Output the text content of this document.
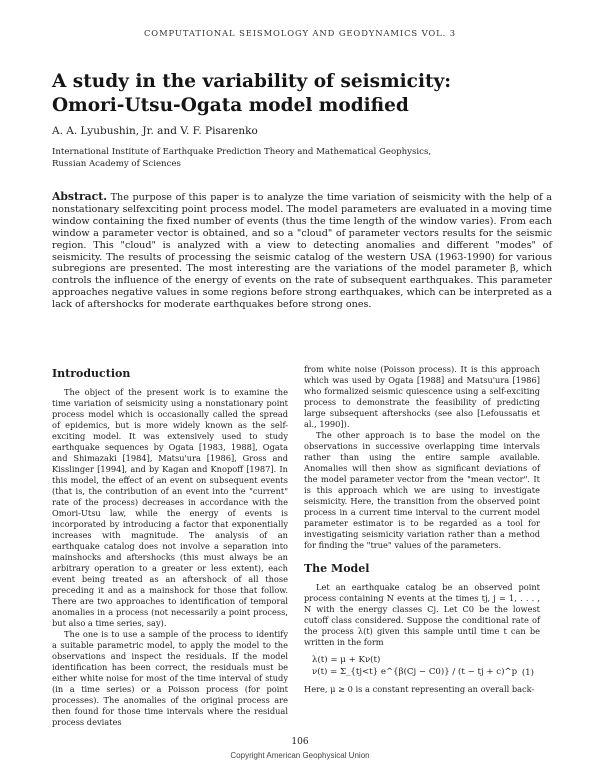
COMPUTATIONAL SEISMOLOGY AND GEODYNAMICS VOL. 3
A study in the variability of seismicity:
Omori-Utsu-Ogata model modified
A. A. Lyubushin, Jr. and V. F. Pisarenko
International Institute of Earthquake Prediction Theory and Mathematical Geophysics,
Russian Academy of Sciences
Abstract. The purpose of this paper is to analyze the time variation of seismicity with the help of a nonstationary selfexciting point process model. The model parameters are evaluated in a moving time window containing the fixed number of events (thus the time length of the window varies). From each window a parameter vector is obtained, and so a "cloud" of parameter vectors results for the seismic region. This "cloud" is analyzed with a view to detecting anomalies and different "modes" of seismicity. The results of processing the seismic catalog of the western USA (1963-1990) for various subregions are presented. The most interesting are the variations of the model parameter β, which controls the influence of the energy of events on the rate of subsequent earthquakes. This parameter approaches negative values in some regions before strong earthquakes, which can be interpreted as a lack of aftershocks for moderate earthquakes before strong ones.
Introduction

The object of the present work is to examine the time variation of seismicity using a nonstationary point process model which is occasionally called the spread of epidemics, but is more widely known as the self-exciting model. It was extensively used to study earthquake sequences by Ogata [1983, 1988], Ogata and Shimazaki [1984], Matsu'ura [1986], Gross and Kisslinger [1994], and by Kagan and Knopoff [1987]. In this model, the effect of an event on subsequent events (that is, the contribution of an event into the "current" rate of the process) decreases in accordance with the Omori-Utsu law, while the energy of events is incorporated by introducing a factor that exponentially increases with magnitude. The analysis of an earthquake catalog does not involve a separation into mainshocks and aftershocks (this must always be an arbitrary operation to a greater or less extent), each event being treated as an aftershock of all those preceding it and as a mainshock for those that follow. There are two approaches to identification of temporal anomalies in a process (not necessarily a point process, but also a time series, say).

The one is to use a sample of the process to identify a suitable parametric model, to apply the model to the observations and inspect the residuals. If the model identification has been correct, the residuals must be either white noise for most of the time interval of study (in a time series) or a Poisson process (for point processes). The anomalies of the original process are then found for those time intervals where the residual process deviates

from white noise (Poisson process). It is this approach which was used by Ogata [1988] and Matsu'ura [1986] who formalized seismic quiescence using a self-exciting process to demonstrate the feasibility of predicting large subsequent aftershocks (see also [Lefoussatis et al., 1990]).

The other approach is to base the model on the observations in successive overlapping time intervals rather than using the entire sample available. Anomalies will then show as significant deviations of the model parameter vector from the "mean vector". It is this approach which we are using to investigate seismicity. Here, the transition from the observed point process in a current time interval to the current model parameter estimator is to be regarded as a tool for investigating seismicity variation rather than a method for finding the "true" values of the parameters.

The Model

Let an earthquake catalog be an observed point process containing N events at the times tj, j = 1, . . . , N with the energy classes Cj. Let C0 be the lowest cutoff class considered. Suppose the conditional rate of the process λ(t) given this sample until time t can be written in the form

λ(t) = μ + Kν(t)
ν(t) = Σ_{tj<t} e^{β(Cj − C0)} / (t − tj + c)^p (1)

Here, μ ≥ 0 is a constant representing an overall back-

106
Copyright American Geophysical Union
